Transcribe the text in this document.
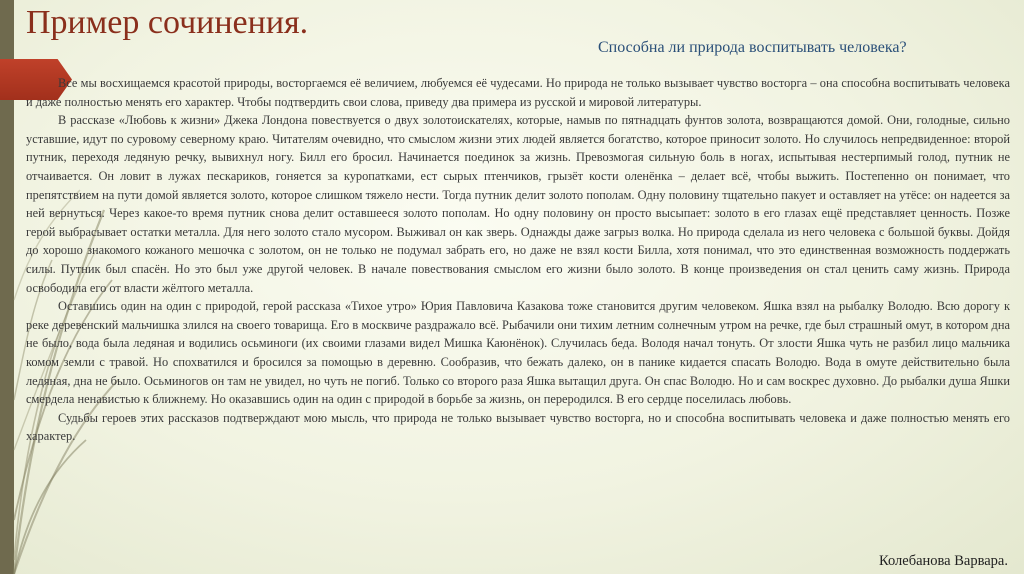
Пример сочинения.
Способна ли природа воспитывать человека?

Все мы восхищаемся красотой природы, восторгаемся её величием, любуемся её чудесами. Но природа не только вызывает чувство восторга – она способна воспитывать человека и даже полностью менять его характер. Чтобы подтвердить свои слова, приведу два примера из русской и мировой литературы.

В рассказе «Любовь к жизни» Джека Лондона повествуется о двух золотоискателях, которые, намыв по пятнадцать фунтов золота, возвращаются домой. Они, голодные, сильно уставшие, идут по суровому северному краю. Читателям очевидно, что смыслом жизни этих людей является богатство, которое приносит золото. Но случилось непредвиденное: второй путник, переходя ледяную речку, вывихнул ногу. Билл его бросил. Начинается поединок за жизнь. Превозмогая сильную боль в ногах, испытывая нестерпимый голод, путник не отчаивается. Он ловит в лужах пескариков, гоняется за куропатками, ест сырых птенчиков, грызёт кости оленёнка – делает всё, чтобы выжить. Постепенно он понимает, что препятствием на пути домой является золото, которое слишком тяжело нести. Тогда путник делит золото пополам. Одну половину тщательно пакует и оставляет на утёсе: он надеется за ней вернуться. Через какое-то время путник снова делит оставшееся золото пополам. Но одну половину он просто высыпает: золото в его глазах ещё представляет ценность. Позже герой выбрасывает остатки металла. Для него золото стало мусором. Выживал он как зверь. Однажды даже загрыз волка. Но природа сделала из него человека с большой буквы. Дойдя до хорошо знакомого кожаного мешочка с золотом, он не только не подумал забрать его, но даже не взял кости Билла, хотя понимал, что это единственная возможность поддержать силы. Путник был спасён. Но это был уже другой человек. В начале повествования смыслом его жизни было золото. В конце произведения он стал ценить саму жизнь. Природа освободила его от власти жёлтого металла.

Оставшись один на один с природой, герой рассказа «Тихое утро» Юрия Павловича Казакова тоже становится другим человеком. Яшка взял на рыбалку Володю. Всю дорогу к реке деревенский мальчишка злился на своего товарища. Его в москвиче раздражало всё. Рыбачили они тихим летним солнечным утром на речке, где был страшный омут, в котором дна не было, вода была ледяная и водились осьминоги (их своими глазами видел Мишка Каюнёнок). Случилась беда. Володя начал тонуть. От злости Яшка чуть не разбил лицо мальчика комом земли с травой. Но спохватился и бросился за помощью в деревню. Сообразив, что бежать далеко, он в панике кидается спасать Володю. Вода в омуте действительно была ледяная, дна не было. Осьминогов он там не увидел, но чуть не погиб. Только со второго раза Яшка вытащил друга. Он спас Володю. Но и сам воскрес духовно. До рыбалки душа Яшки смердела ненавистью к ближнему. Но оказавшись один на один с природой в борьбе за жизнь, он переродился. В его сердце поселилась любовь.

Судьбы героев этих рассказов подтверждают мою мысль, что природа не только вызывает чувство восторга, но и способна воспитывать человека и даже полностью менять его характер.

Колебанова Варвара.
